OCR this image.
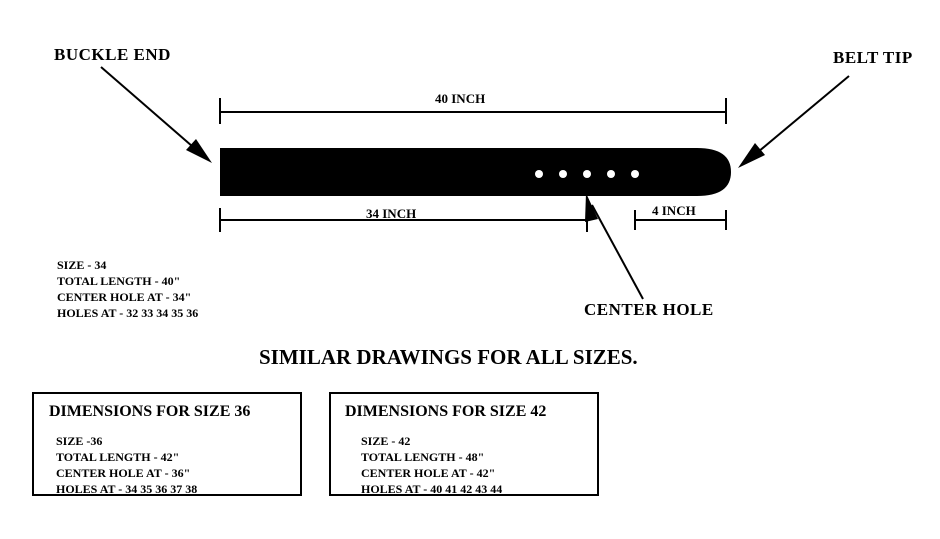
BUCKLE END	BELT TIP
CENTER HOLE
40 INCH
34 INCH	4 INCH
SIZE - 34
TOTAL LENGTH - 40"
CENTER HOLE AT - 34"
HOLES AT - 32 33 34 35 36
SIMILAR DRAWINGS FOR ALL SIZES.
DIMENSIONS FOR SIZE 36
SIZE -36
TOTAL LENGTH - 42"
CENTER HOLE AT - 36"
HOLES AT - 34 35 36 37 38
DIMENSIONS FOR SIZE 42
SIZE - 42
TOTAL LENGTH - 48"
CENTER HOLE AT - 42"
HOLES AT - 40 41 42 43 44
